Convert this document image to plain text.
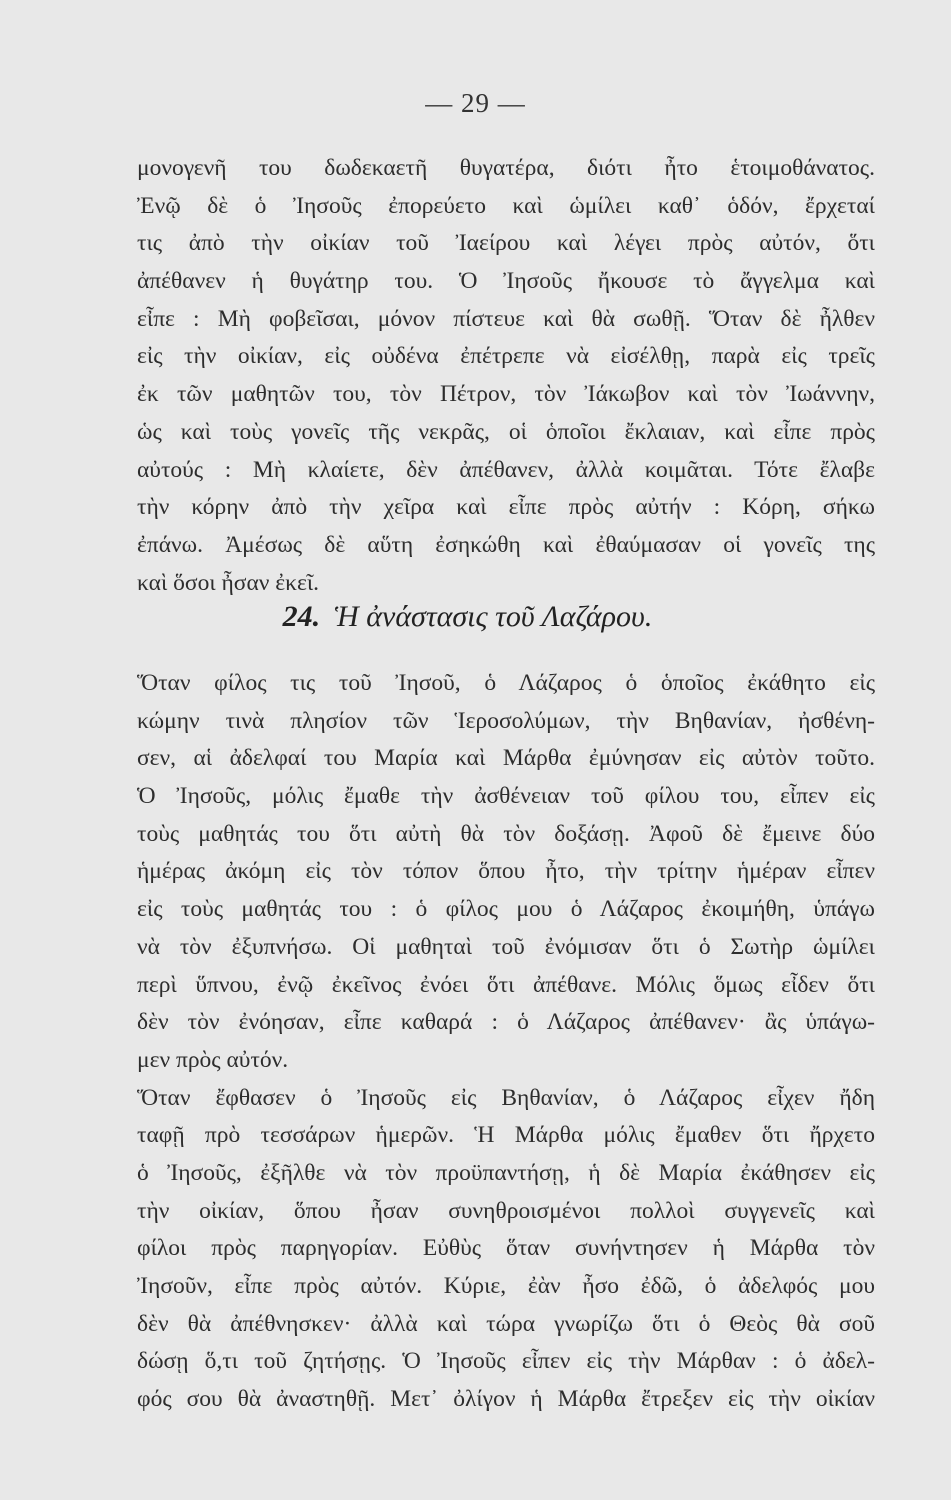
— 29 —
μονογενῆ του δωδεκαετῆ θυγατέρα, διότι ἦτο ἑτοιμοθάνατος.
Ἐνῷ δὲ ὁ Ἰησοῦς ἐπορεύετο καὶ ὡμίλει καθ᾽ ὁδόν, ἔρχεταί
τις ἀπὸ τὴν οἰκίαν τοῦ Ἰαείρου καὶ λέγει πρὸς αὐτόν, ὅτι
ἀπέθανεν ἡ θυγάτηρ του. Ὁ Ἰησοῦς ἤκουσε τὸ ἄγγελμα καὶ
εἶπε : Μὴ φοβεῖσαι, μόνον πίστευε καὶ θὰ σωθῇ. Ὅταν δὲ ἦλθεν
εἰς τὴν οἰκίαν, εἰς οὐδένα ἐπέτρεπε νὰ εἰσέλθῃ, παρὰ εἰς τρεῖς
ἐκ τῶν μαθητῶν του, τὸν Πέτρον, τὸν Ἰάκωβον καὶ τὸν Ἰωάννην,
ὡς καὶ τοὺς γονεῖς τῆς νεκρᾶς, οἱ ὁποῖοι ἔκλαιαν, καὶ εἶπε πρὸς
αὐτούς : Μὴ κλαίετε, δὲν ἀπέθανεν, ἀλλὰ κοιμᾶται. Τότε ἔλαβε
τὴν κόρην ἀπὸ τὴν χεῖρα καὶ εἶπε πρὸς αὐτήν : Κόρη, σήκω
ἐπάνω. Ἀμέσως δὲ αὕτη ἐσηκώθη καὶ ἐθαύμασαν οἱ γονεῖς της
καὶ ὅσοι ἦσαν ἐκεῖ.
24. Ἡ ἀνάστασις τοῦ Λαζάρου.
Ὅταν φίλος τις τοῦ Ἰησοῦ, ὁ Λάζαρος ὁ ὁποῖος ἐκάθητο εἰς
κώμην τινὰ πλησίον τῶν Ἱεροσολύμων, τὴν Βηθανίαν, ἠσθένη-
σεν, αἱ ἀδελφαί του Μαρία καὶ Μάρθα ἐμύνησαν εἰς αὐτὸν τοῦτο.
Ὁ Ἰησοῦς, μόλις ἔμαθε τὴν ἀσθένειαν τοῦ φίλου του, εἶπεν εἰς
τοὺς μαθητάς του ὅτι αὐτὴ θὰ τὸν δοξάσῃ. Ἀφοῦ δὲ ἔμεινε δύο
ἡμέρας ἀκόμη εἰς τὸν τόπον ὅπου ἦτο, τὴν τρίτην ἡμέραν εἶπεν
εἰς τοὺς μαθητάς του : ὁ φίλος μου ὁ Λάζαρος ἐκοιμήθη, ὑπάγω
νὰ τὸν ἐξυπνήσω. Οἱ μαθηταὶ τοῦ ἐνόμισαν ὅτι ὁ Σωτὴρ ὡμίλει
περὶ ὕπνου, ἐνῷ ἐκεῖνος ἐνόει ὅτι ἀπέθανε. Μόλις ὅμως εἶδεν ὅτι
δὲν τὸν ἐνόησαν, εἶπε καθαρά : ὁ Λάζαρος ἀπέθανεν· ἂς ὑπάγω-
μεν πρὸς αὐτόν.
Ὅταν ἔφθασεν ὁ Ἰησοῦς εἰς Βηθανίαν, ὁ Λάζαρος εἶχεν ἤδη
ταφῇ πρὸ τεσσάρων ἡμερῶν. Ἡ Μάρθα μόλις ἔμαθεν ὅτι ἤρχετο
ὁ Ἰησοῦς, ἐξῆλθε νὰ τὸν προϋπαντήσῃ, ἡ δὲ Μαρία ἐκάθησεν εἰς
τὴν οἰκίαν, ὅπου ἦσαν συνηθροισμένοι πολλοὶ συγγενεῖς καὶ
φίλοι πρὸς παρηγορίαν. Εὐθὺς ὅταν συνήντησεν ἡ Μάρθα τὸν
Ἰησοῦν, εἶπε πρὸς αὐτόν. Κύριε, ἐὰν ἦσο ἐδῶ, ὁ ἀδελφός μου
δὲν θὰ ἀπέθνησκεν· ἀλλὰ καὶ τώρα γνωρίζω ὅτι ὁ Θεὸς θὰ σοῦ
δώσῃ ὅ,τι τοῦ ζητήσῃς. Ὁ Ἰησοῦς εἶπεν εἰς τὴν Μάρθαν : ὁ ἀδελ-
φός σου θὰ ἀναστηθῇ. Μετ᾽ ὀλίγον ἡ Μάρθα ἔτρεξεν εἰς τὴν οἰκίαν
